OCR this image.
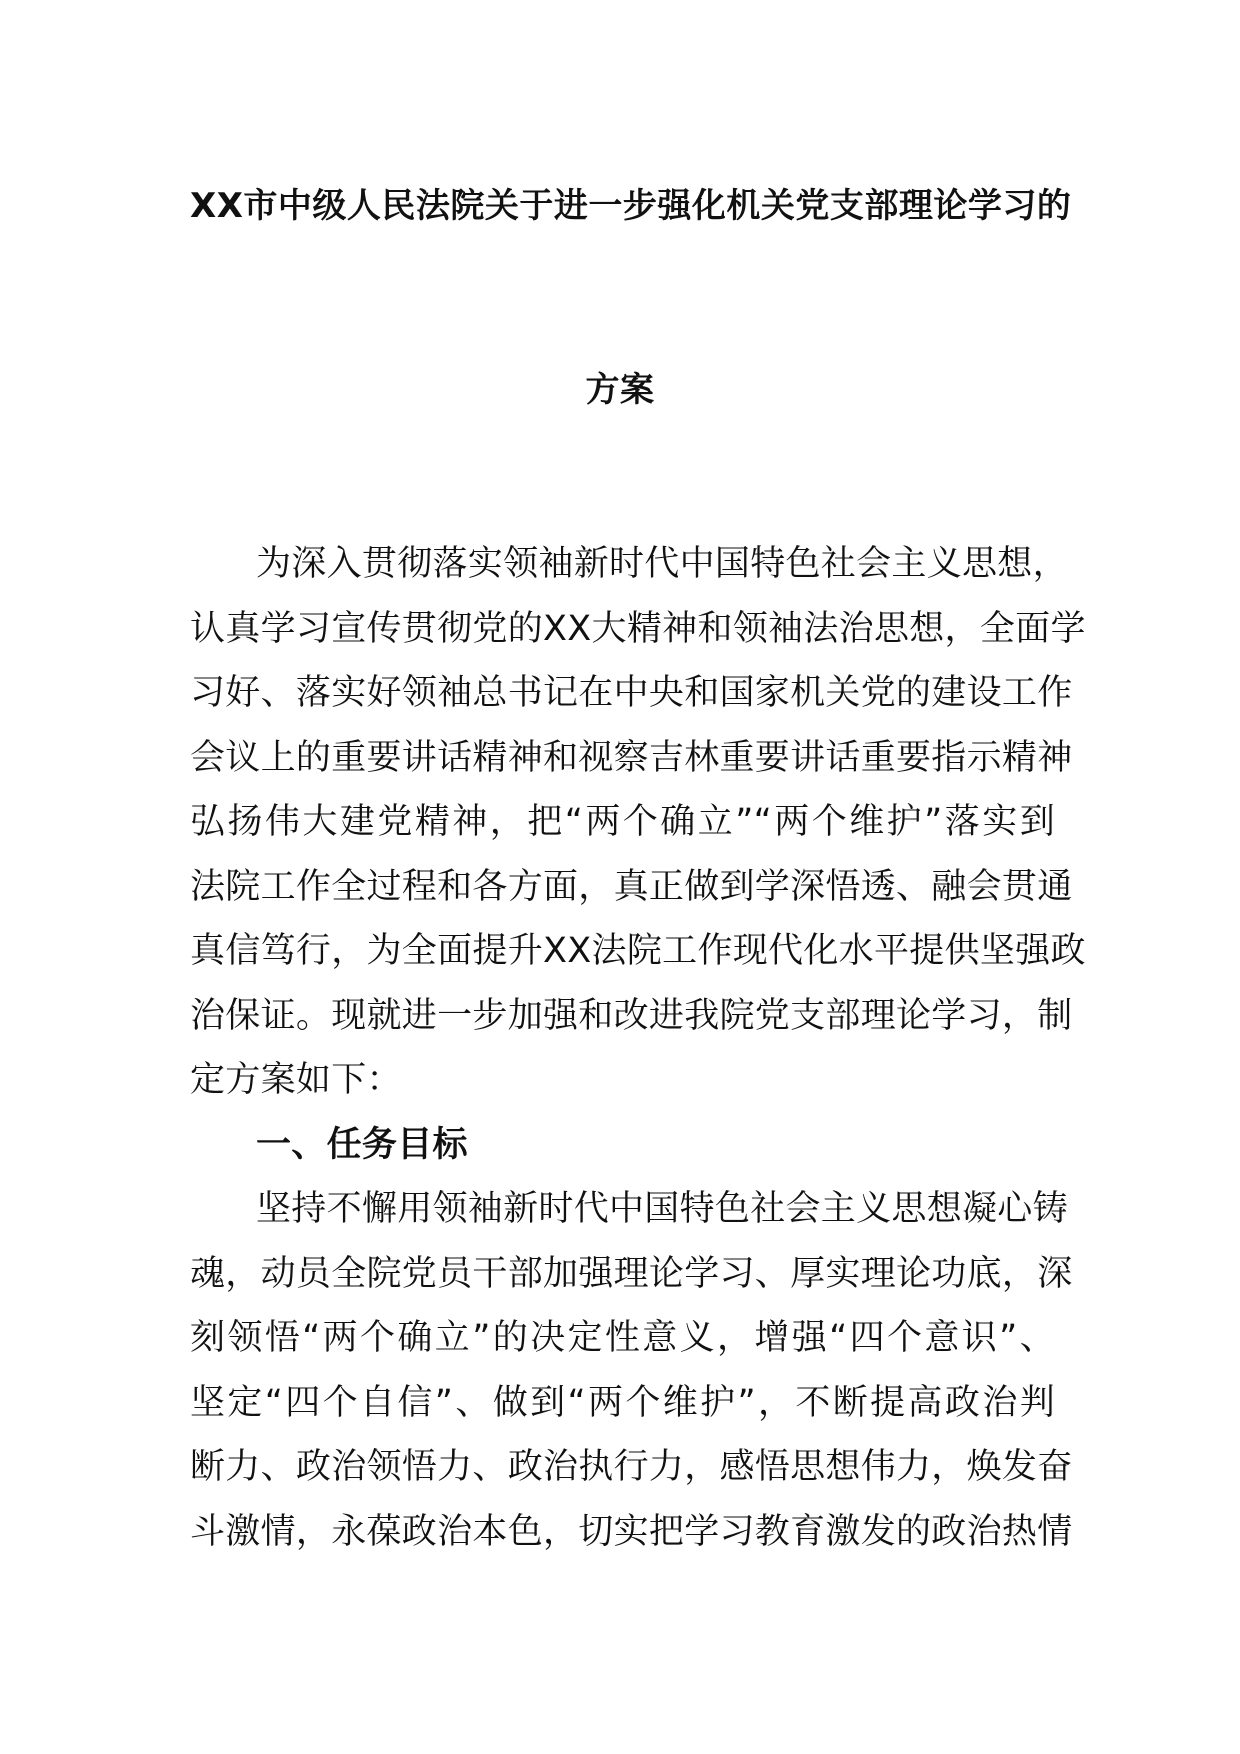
XX市中级人民法院关于进一步强化机关党支部理论学习的
方案
为深入贯彻落实领袖新时代中国特色社会主义思想，
认真学习宣传贯彻党的XX大精神和领袖法治思想，全面学
习好、落实好领袖总书记在中央和国家机关党的建设工作
会议上的重要讲话精神和视察吉林重要讲话重要指示精神
弘扬伟大建党精神，把“两个确立”“两个维护”落实到
法院工作全过程和各方面，真正做到学深悟透、融会贯通
真信笃行，为全面提升XX法院工作现代化水平提供坚强政
治保证。现就进一步加强和改进我院党支部理论学习，制
定方案如下：
一、任务目标
坚持不懈用领袖新时代中国特色社会主义思想凝心铸
魂，动员全院党员干部加强理论学习、厚实理论功底，深
刻领悟“两个确立”的决定性意义，增强“四个意识”、
坚定“四个自信”、做到“两个维护”，不断提高政治判
断力、政治领悟力、政治执行力，感悟思想伟力，焕发奋
斗激情，永葆政治本色，切实把学习教育激发的政治热情
